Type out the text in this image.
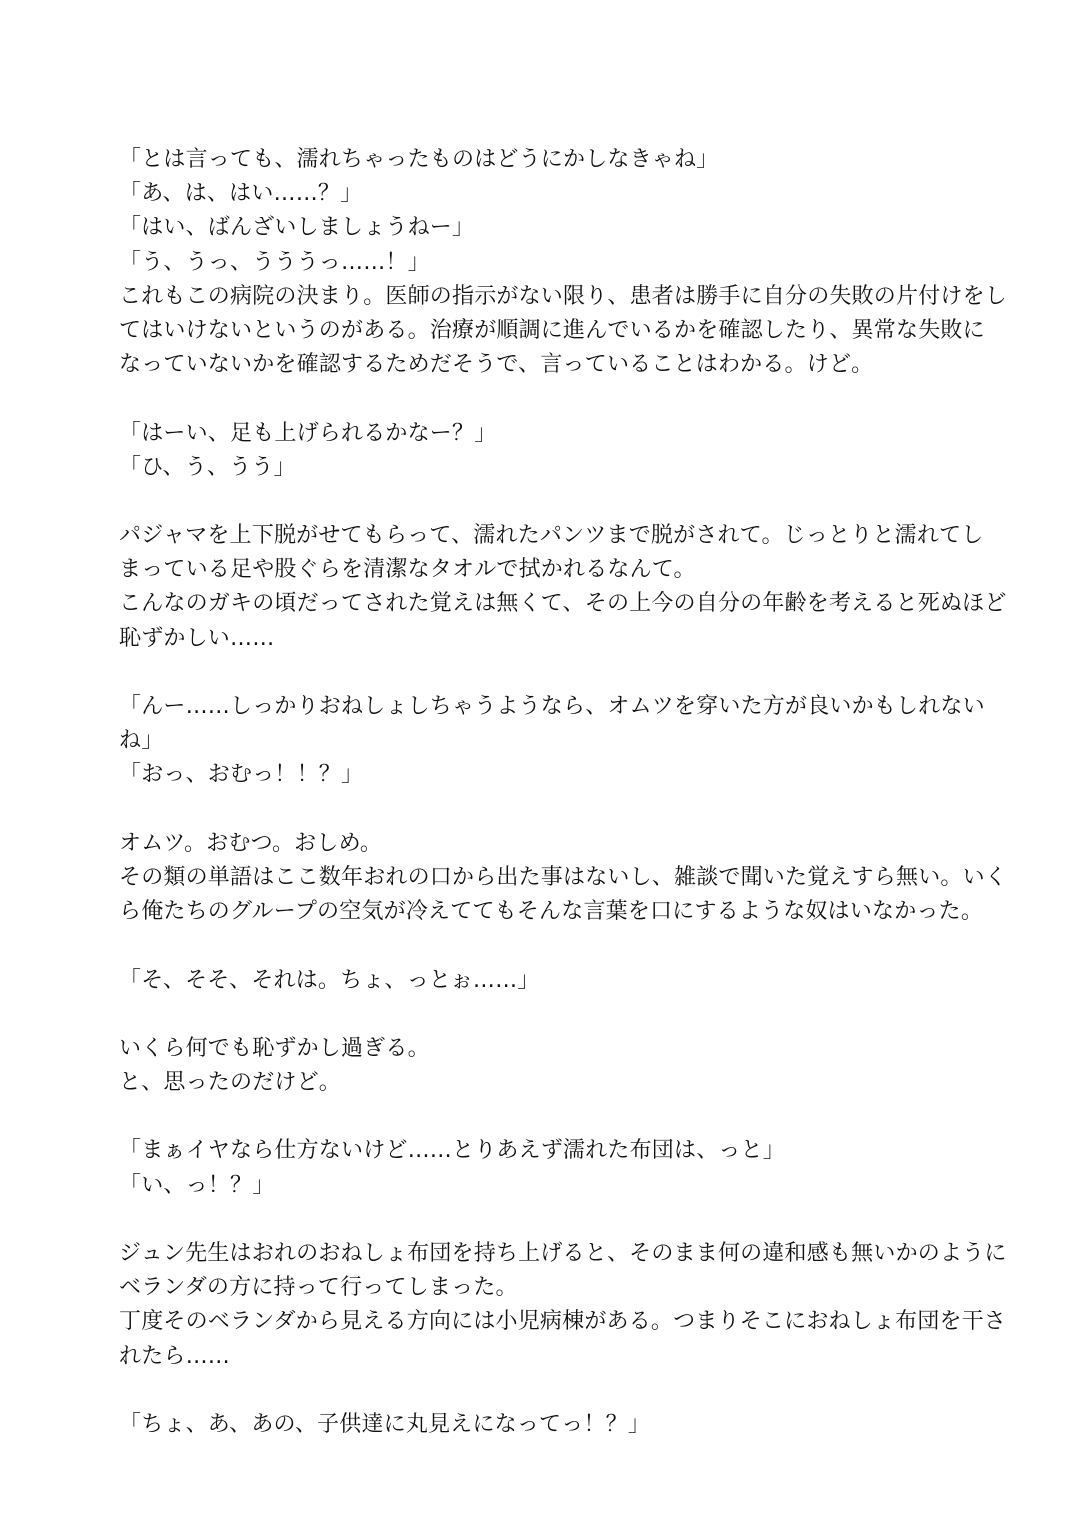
「とは言っても、濡れちゃったものはどうにかしなきゃね」
「あ、は、はい……？」
「はい、ばんざいしましょうねー」
「う、うっ、うううっ……！」
これもこの病院の決まり。医師の指示がない限り、患者は勝手に自分の失敗の片付けをし
てはいけないというのがある。治療が順調に進んでいるかを確認したり、異常な失敗に
なっていないかを確認するためだそうで、言っていることはわかる。けど。
「はーい、足も上げられるかなー？」
「ひ、う、うう」
パジャマを上下脱がせてもらって、濡れたパンツまで脱がされて。じっとりと濡れてし
まっている足や股ぐらを清潔なタオルで拭かれるなんて。
こんなのガキの頃だってされた覚えは無くて、その上今の自分の年齢を考えると死ぬほど
恥ずかしい……
「んー……しっかりおねしょしちゃうようなら、オムツを穿いた方が良いかもしれない
ね」
「おっ、おむっ！！？」
オムツ。おむつ。おしめ。
その類の単語はここ数年おれの口から出た事はないし、雑談で聞いた覚えすら無い。いく
ら俺たちのグループの空気が冷えててもそんな言葉を口にするような奴はいなかった。
「そ、そそ、それは。ちょ、っとぉ……」
いくら何でも恥ずかし過ぎる。
と、思ったのだけど。
「まぁイヤなら仕方ないけど……とりあえず濡れた布団は、っと」
「い、っ！？」
ジュン先生はおれのおねしょ布団を持ち上げると、そのまま何の違和感も無いかのように
ベランダの方に持って行ってしまった。
丁度そのベランダから見える方向には小児病棟がある。つまりそこにおねしょ布団を干さ
れたら……
「ちょ、あ、あの、子供達に丸見えになってっ！？」
